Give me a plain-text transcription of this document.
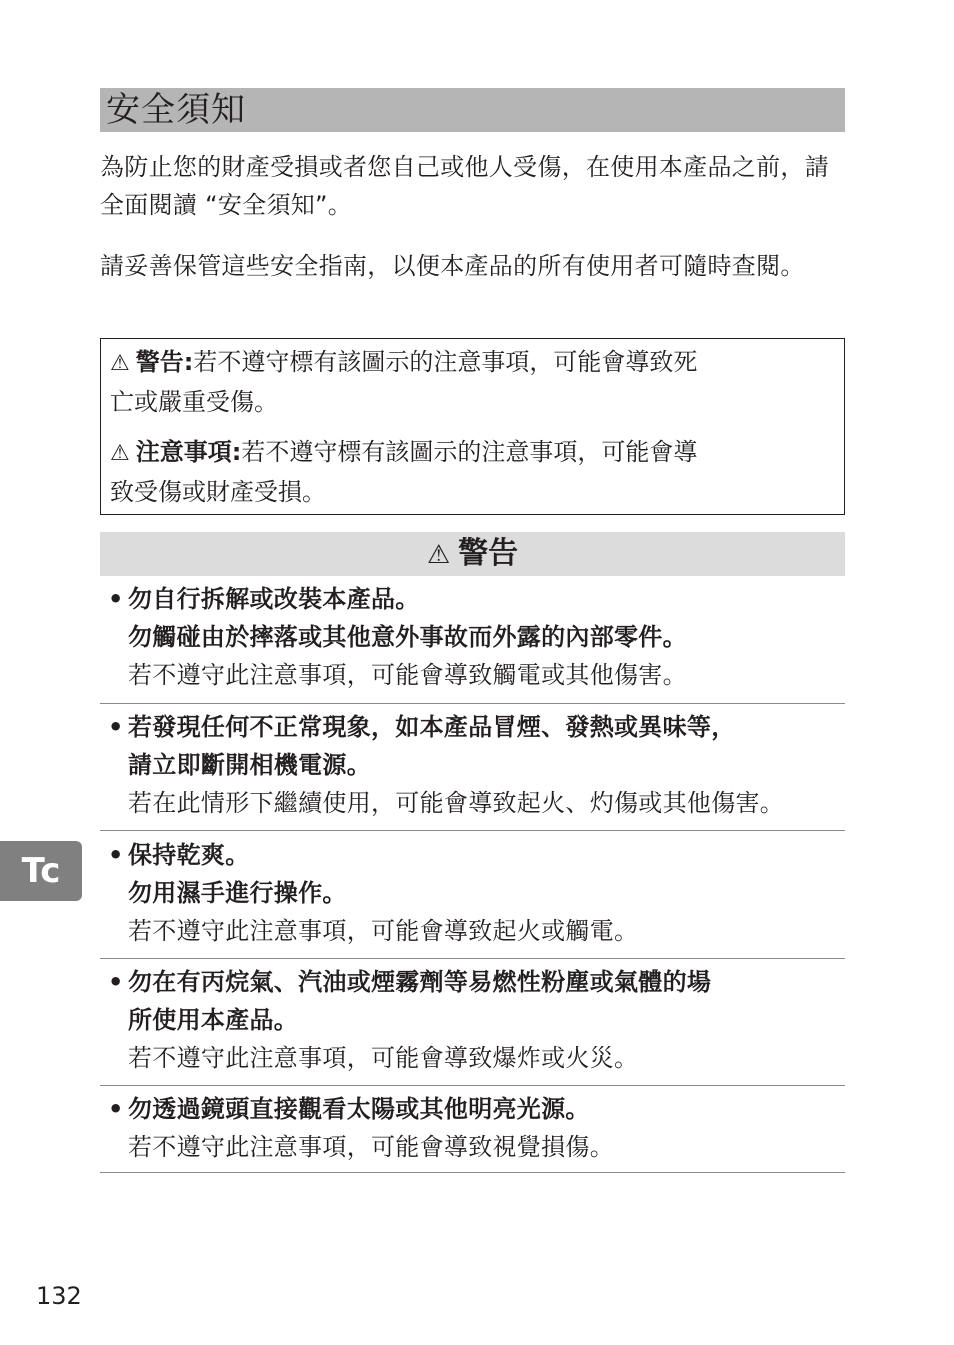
安全須知
為防止您的財產受損或者您自己或他人受傷，在使用本產品之前，請全面閱讀 “安全須知”。
請妥善保管這些安全指南，以便本產品的所有使用者可隨時查閱。
⚠ 警告:若不遵守標有該圖示的注意事項，可能會導致死
亡或嚴重受傷。
⚠ 注意事項:若不遵守標有該圖示的注意事項，可能會導
致受傷或財產受損。
⚠ 警告
• 勿自行拆解或改裝本產品。
勿觸碰由於摔落或其他意外事故而外露的內部零件。
若不遵守此注意事項，可能會導致觸電或其他傷害。
• 若發現任何不正常現象，如本產品冒煙、發熱或異味等，
請立即斷開相機電源。
若在此情形下繼續使用，可能會導致起火、灼傷或其他傷害。
• 保持乾爽。
勿用濕手進行操作。
若不遵守此注意事項，可能會導致起火或觸電。
• 勿在有丙烷氣、汽油或煙霧劑等易燃性粉塵或氣體的場
所使用本產品。
若不遵守此注意事項，可能會導致爆炸或火災。
• 勿透過鏡頭直接觀看太陽或其他明亮光源。
若不遵守此注意事項，可能會導致視覺損傷。
Tc
132
